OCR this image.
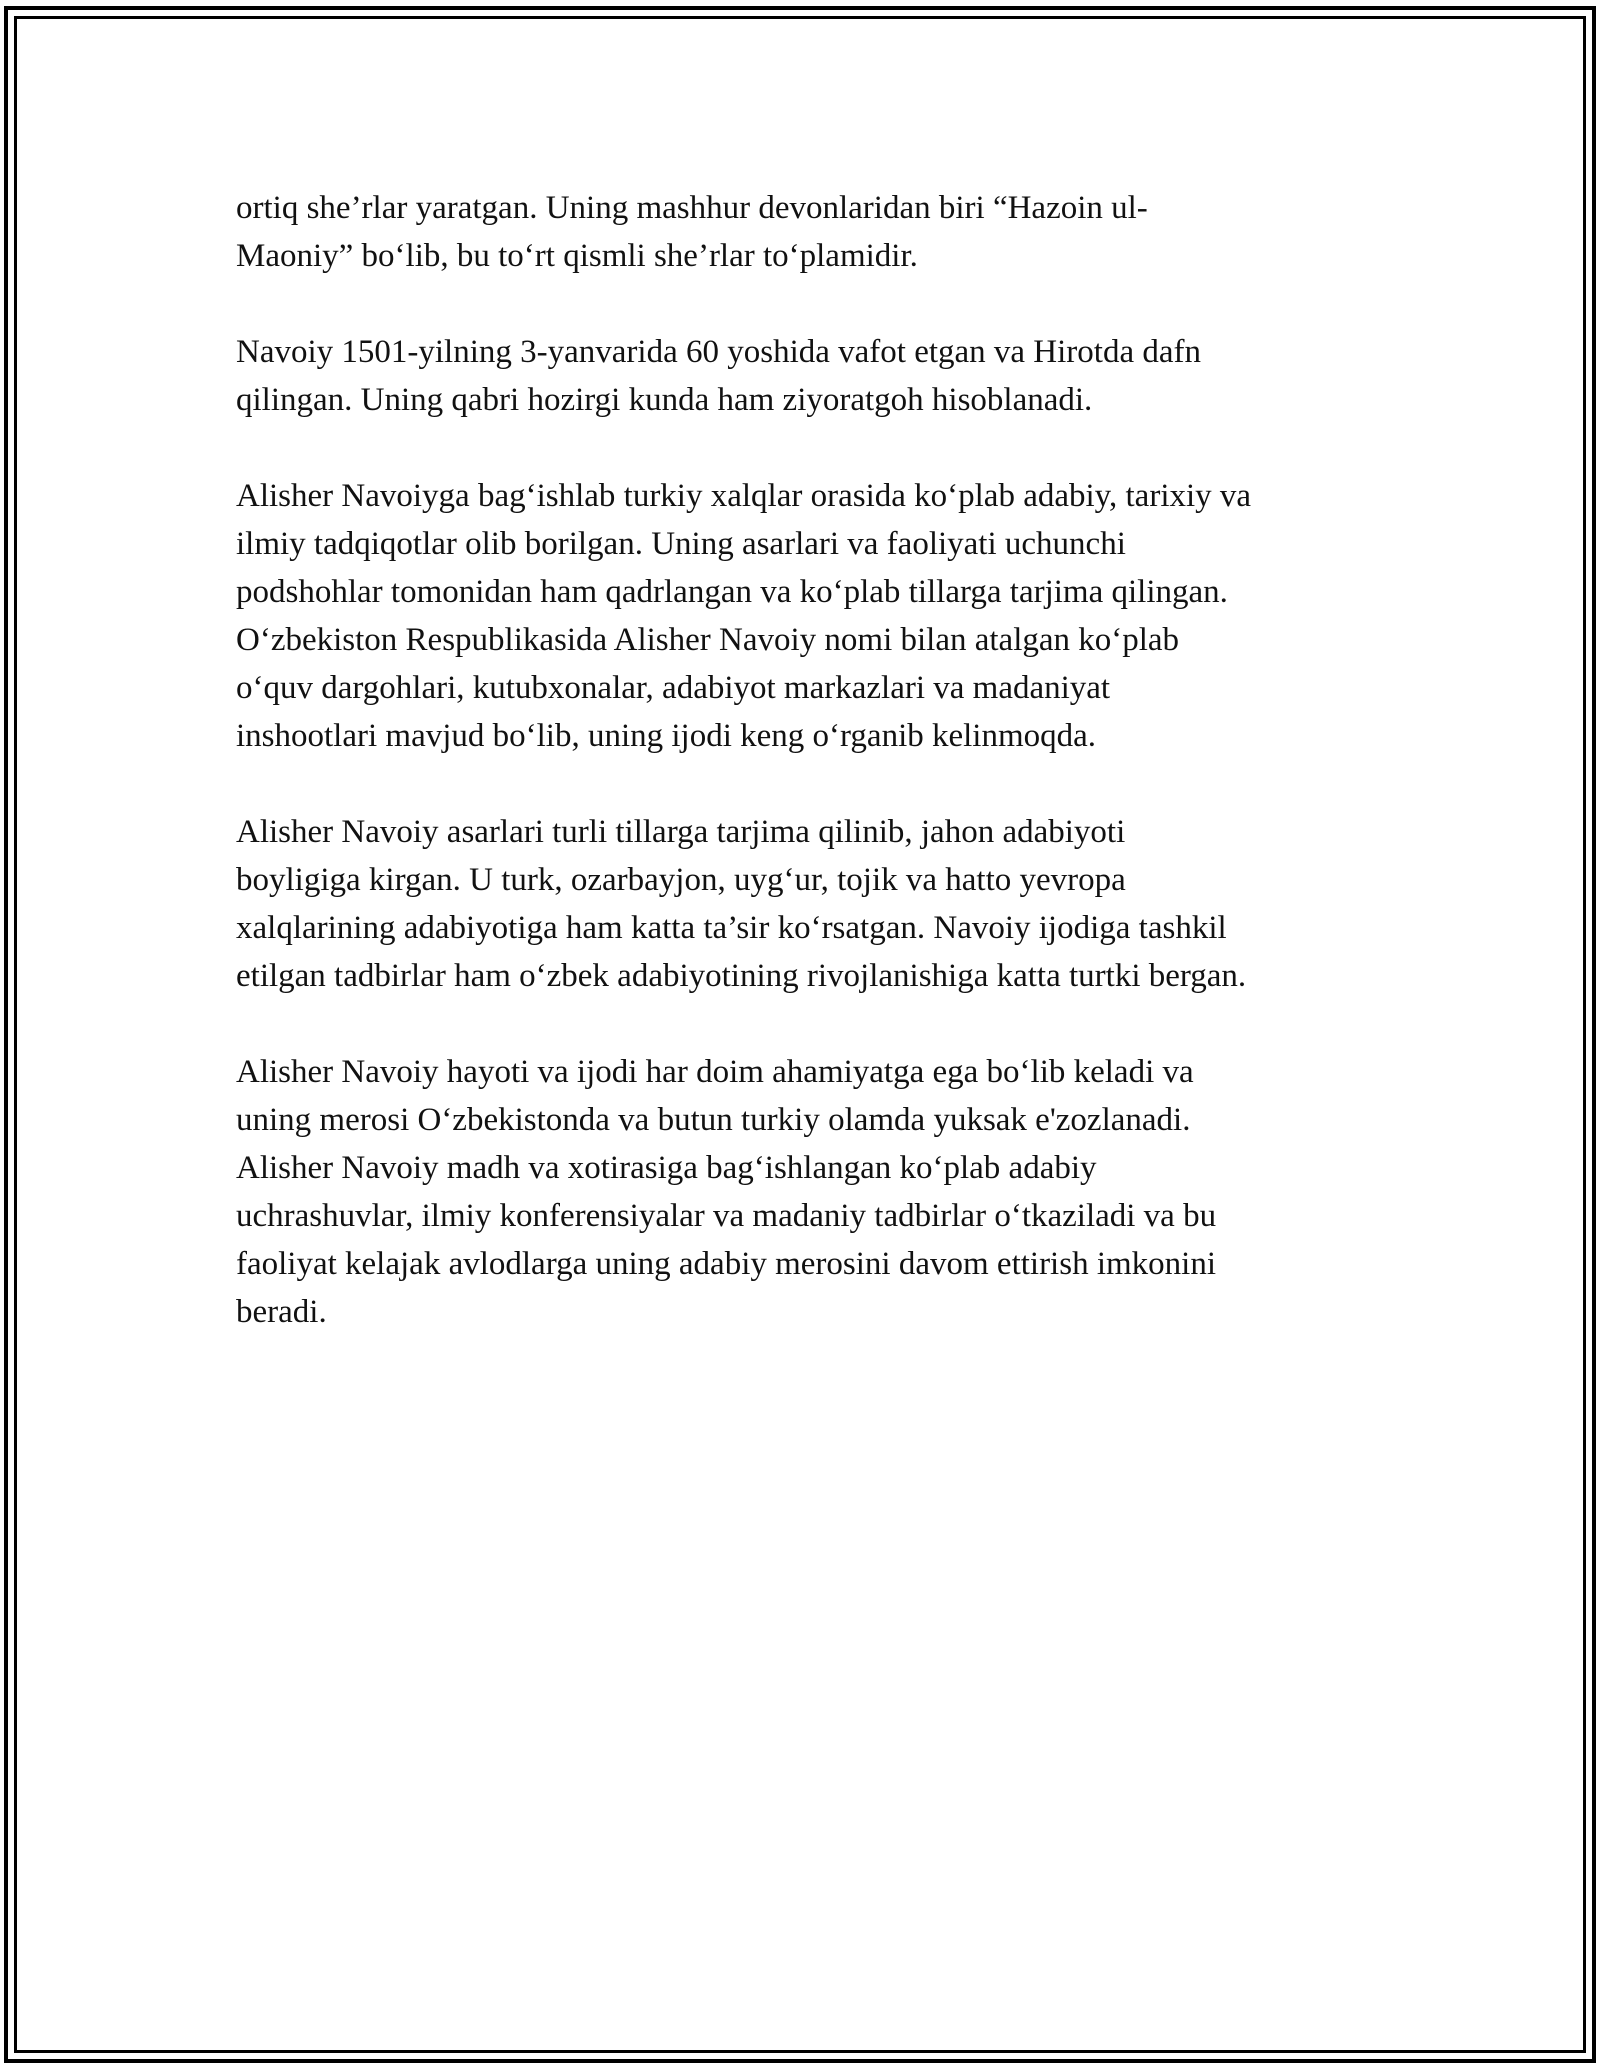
ortiq she’rlar yaratgan. Uning mashhur devonlaridan biri “Hazoin ul-
Maoniy” bo‘lib, bu to‘rt qismli she’rlar to‘plamidir.

Navoiy 1501-yilning 3-yanvarida 60 yoshida vafot etgan va Hirotda dafn
qilingan. Uning qabri hozirgi kunda ham ziyoratgoh hisoblanadi.

Alisher Navoiyga bag‘ishlab turkiy xalqlar orasida ko‘plab adabiy, tarixiy va
ilmiy tadqiqotlar olib borilgan. Uning asarlari va faoliyati uchunchi
podshohlar tomonidan ham qadrlangan va ko‘plab tillarga tarjima qilingan.
O‘zbekiston Respublikasida Alisher Navoiy nomi bilan atalgan ko‘plab
o‘quv dargohlari, kutubxonalar, adabiyot markazlari va madaniyat
inshootlari mavjud bo‘lib, uning ijodi keng o‘rganib kelinmoqda.

Alisher Navoiy asarlari turli tillarga tarjima qilinib, jahon adabiyoti
boyligiga kirgan. U turk, ozarbayjon, uyg‘ur, tojik va hatto yevropa
xalqlarining adabiyotiga ham katta ta’sir ko‘rsatgan. Navoiy ijodiga tashkil
etilgan tadbirlar ham o‘zbek adabiyotining rivojlanishiga katta turtki bergan.

Alisher Navoiy hayoti va ijodi har doim ahamiyatga ega bo‘lib keladi va
uning merosi O‘zbekistonda va butun turkiy olamda yuksak e'zozlanadi.
Alisher Navoiy madh va xotirasiga bag‘ishlangan ko‘plab adabiy
uchrashuvlar, ilmiy konferensiyalar va madaniy tadbirlar o‘tkaziladi va bu
faoliyat kelajak avlodlarga uning adabiy merosini davom ettirish imkonini
beradi.
